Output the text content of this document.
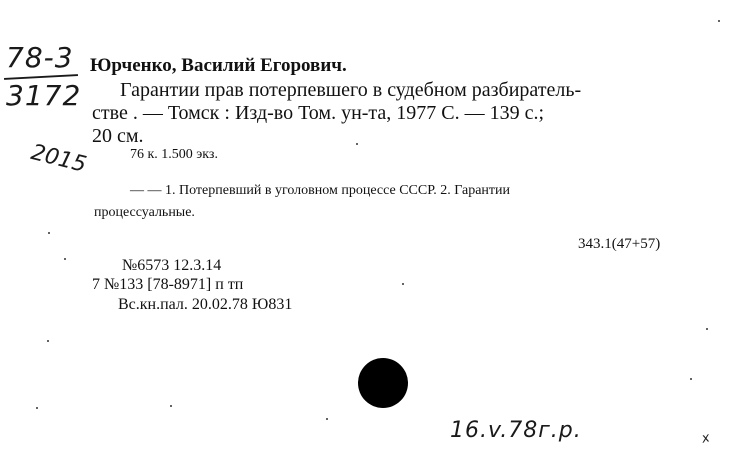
78-3
3172
2015
Юрченко, Василий Егорович.
Гарантии прав потерпевшего в судебном разбиратель-
стве . — Томск : Изд-во Том. ун-та, 1977 С. — 139 с.;
20 см.
76 к. 1.500 экз.
— — 1. Потерпевший в уголовном процессе СССР. 2. Гарантии
процессуальные.
343.1(47+57)
№6573 12.3.14
7 №133 [78-8971] п тп
Вс.кн.пал. 20.02.78 Ю831
16.v.78г.р.	x
